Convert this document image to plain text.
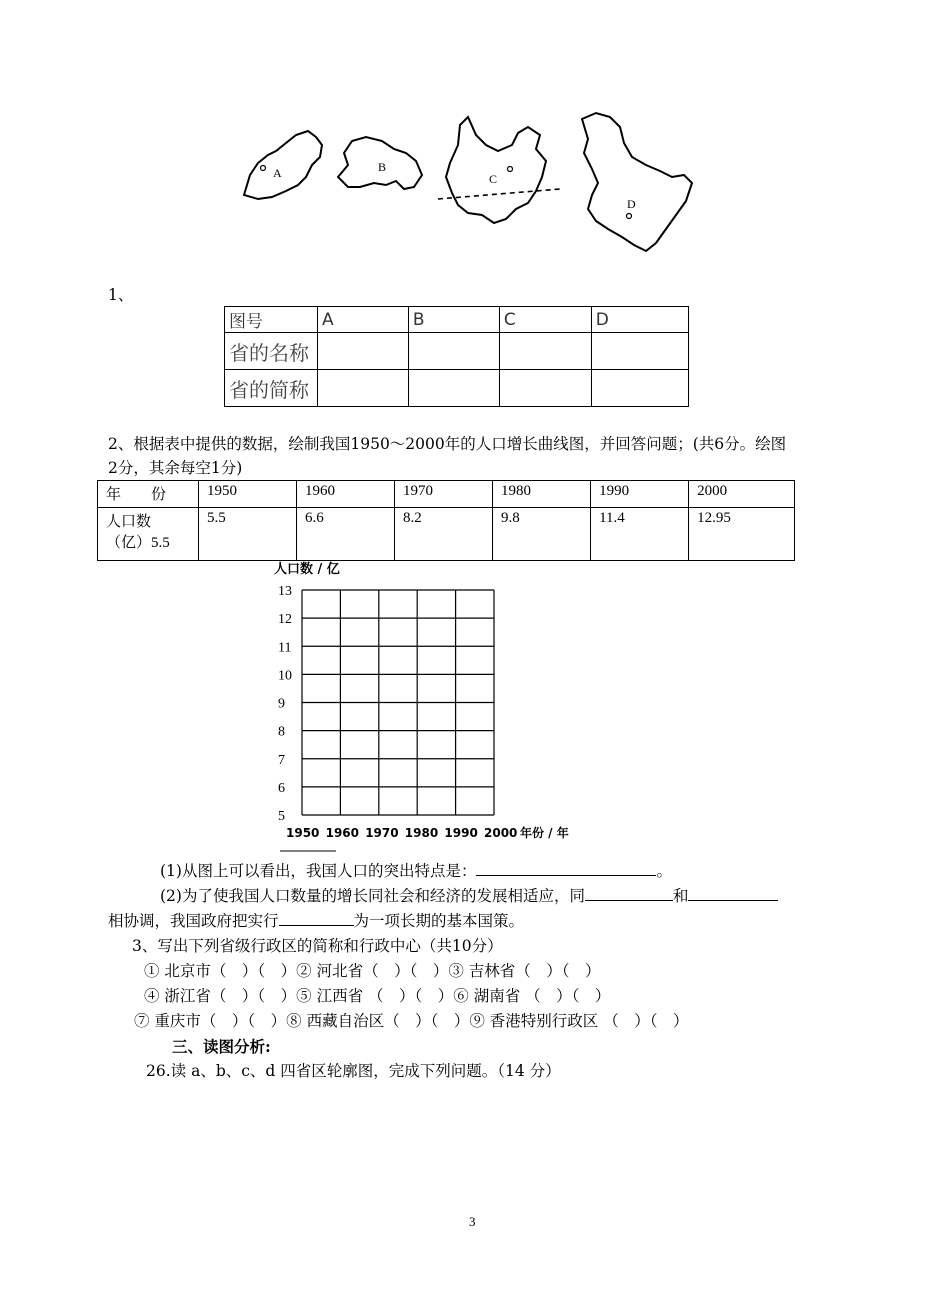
A	B
C
D
1、
图号	A	B	C	D
省的名称				
省的简称				
2、根据表中提供的数据，绘制我国1950～2000年的人口增长曲线图，并回答问题；(共6分。绘图
2分，其余每空1分)
年　　份	1950	1960	1970	1980	1990	2000

人口数
（亿）5.5	5.5	6.6	8.2	9.8	11.4	12.95
人口数 / 亿
13
12
11
10
9
8
7
6
5
1950 1960 1970 1980 1990 2000 年份 / 年
(1)从图上可以看出，我国人口的突出特点是：	。
(2)为了使我国人口数量的增长同社会和经济的发展相适应，同	和
相协调，我国政府把实行	为一项长期的基本国策。
3、写出下列省级行政区的简称和行政中心（共10分）
① 北京市（　）（　）② 河北省（　）（　）③ 吉林省（　）（　）
④ 浙江省（　）（　）⑤ 江西省 （　）（　）⑥ 湖南省 （　）（　）
⑦ 重庆市（　）（　）⑧ 西藏自治区（　）（　）⑨ 香港特别行政区 （　）（　）
三、读图分析:
26.读 a、b、c、d 四省区轮廓图，完成下列问题。（14 分）
3
